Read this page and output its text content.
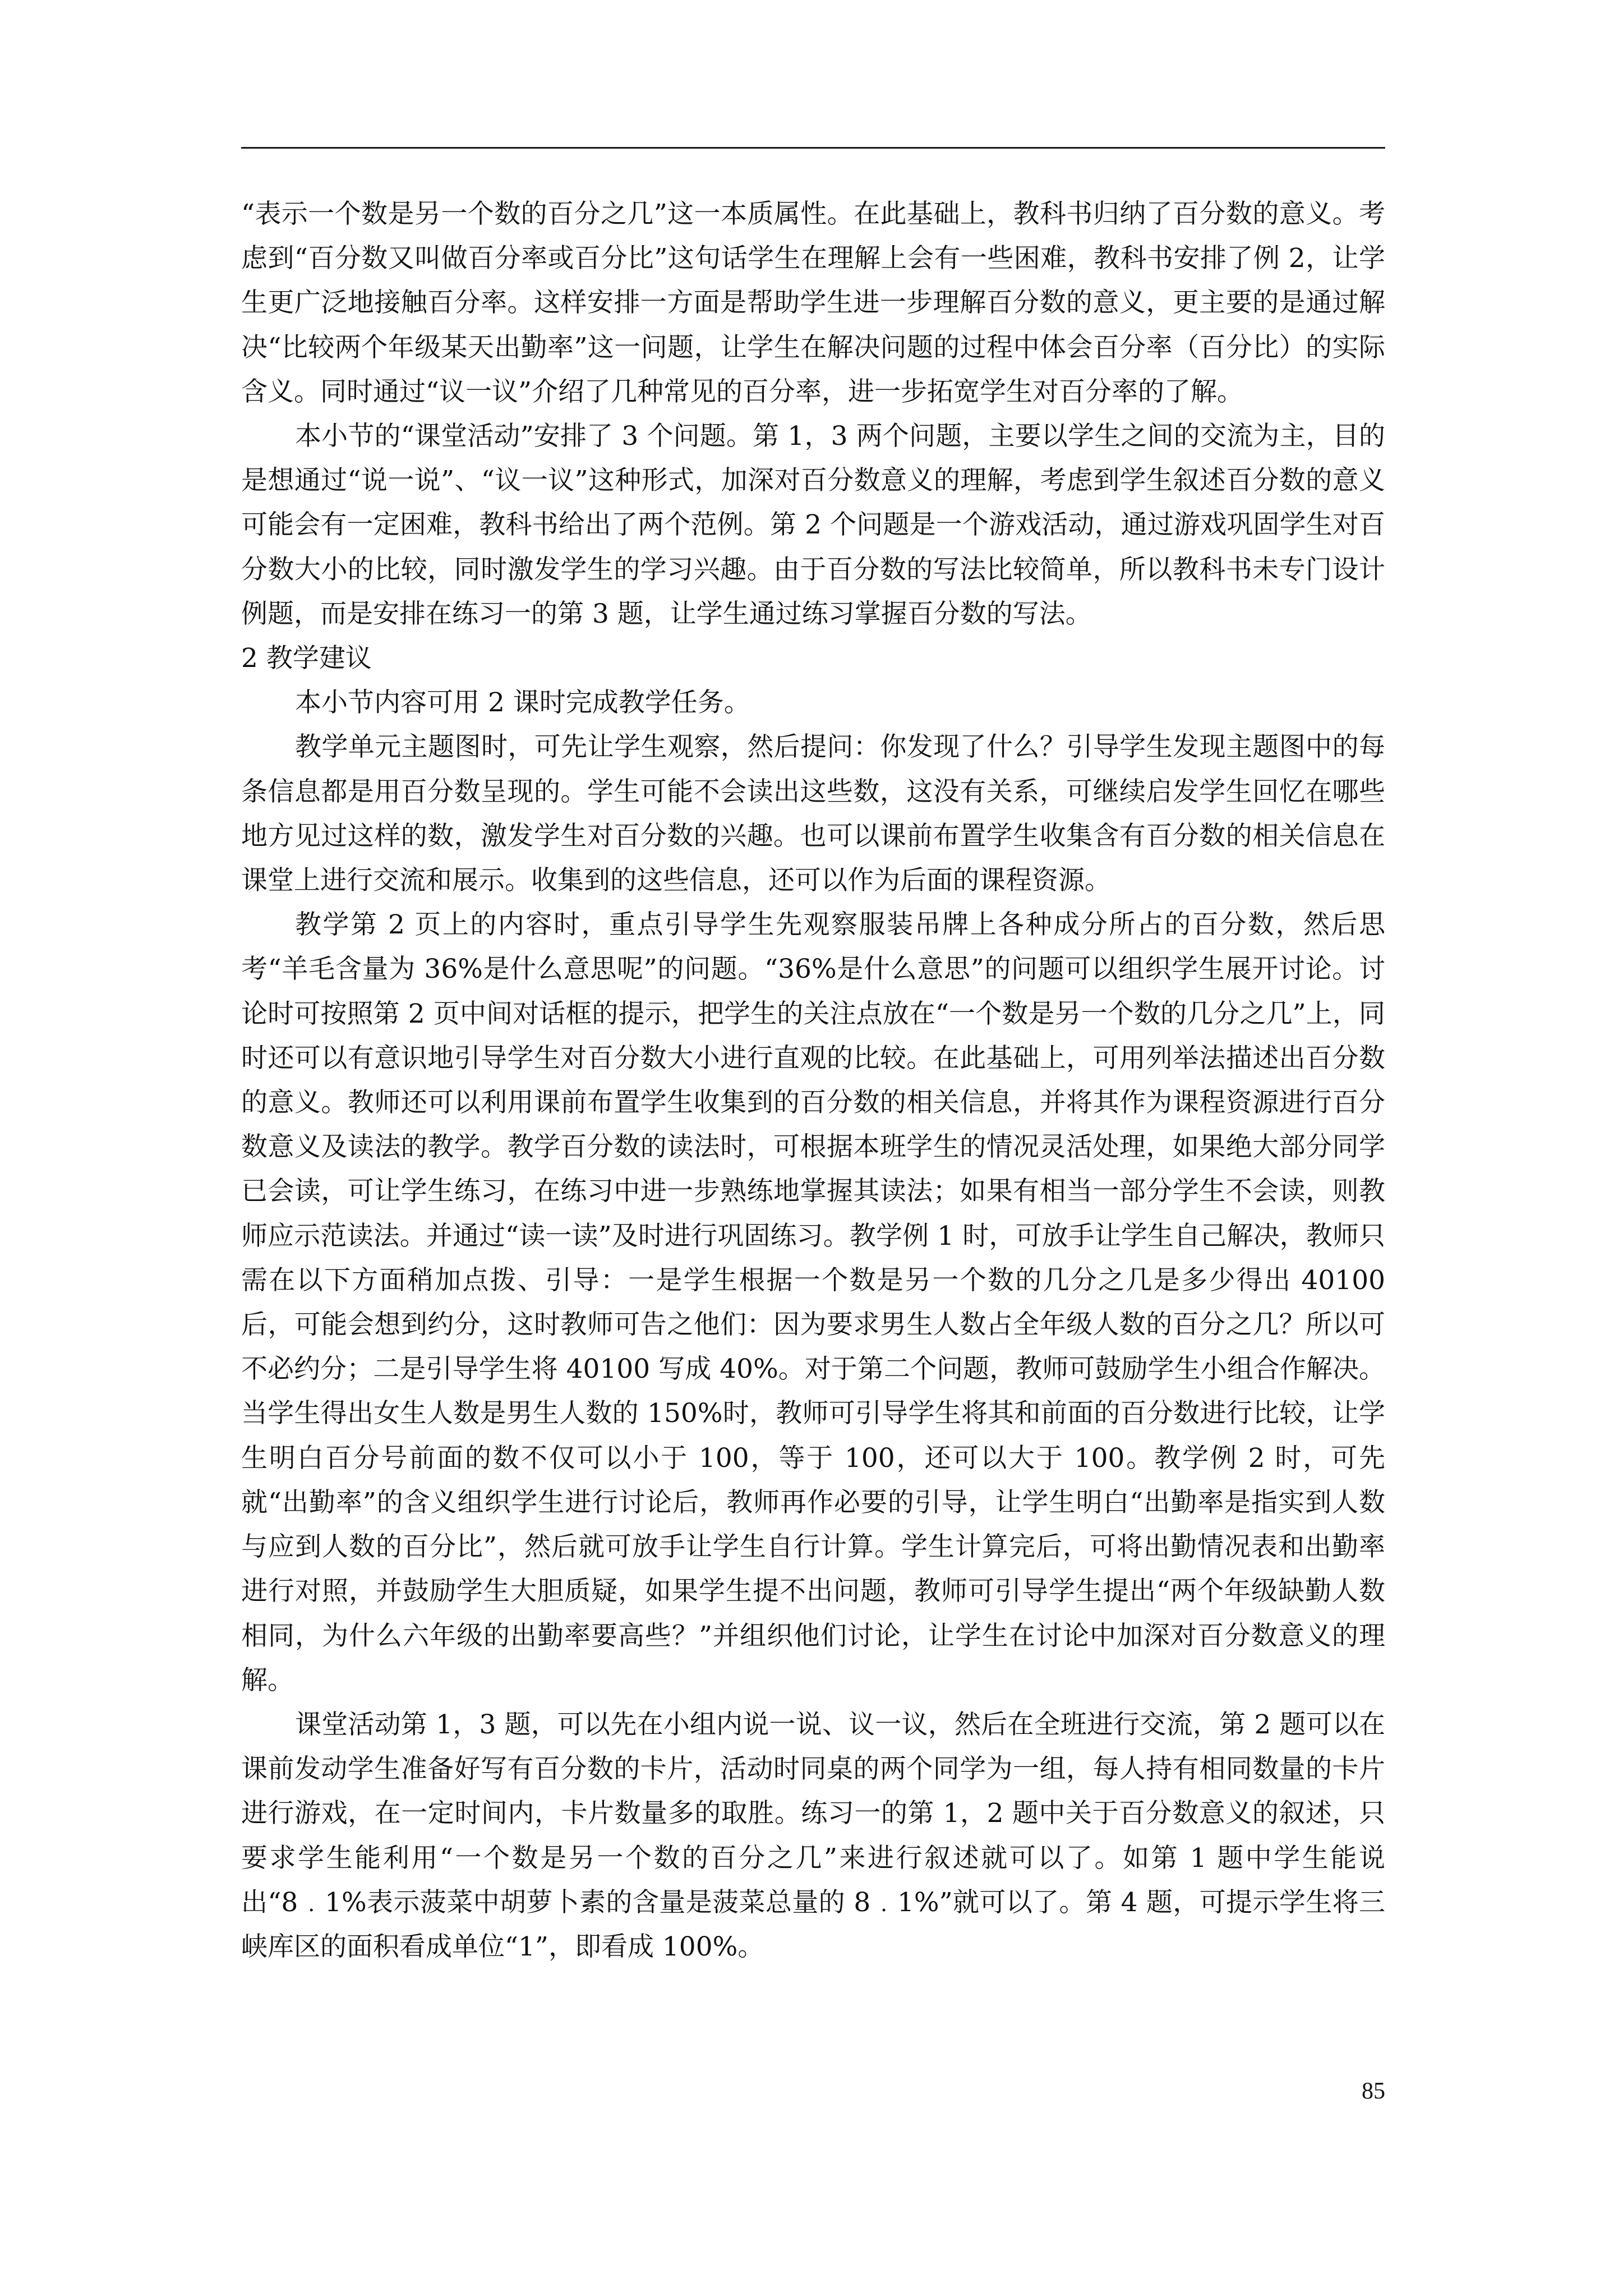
“表示一个数是另一个数的百分之几”这一本质属性。在此基础上，教科书归纳了百分数的意义。考虑到“百分数又叫做百分率或百分比”这句话学生在理解上会有一些困难，教科书安排了例 2，让学生更广泛地接触百分率。这样安排一方面是帮助学生进一步理解百分数的意义，更主要的是通过解决“比较两个年级某天出勤率”这一问题，让学生在解决问题的过程中体会百分率（百分比）的实际含义。同时通过“议一议”介绍了几种常见的百分率，进一步拓宽学生对百分率的了解。

本小节的“课堂活动”安排了 3 个问题。第 1，3 两个问题，主要以学生之间的交流为主，目的是想通过“说一说”、“议一议”这种形式，加深对百分数意义的理解，考虑到学生叙述百分数的意义可能会有一定困难，教科书给出了两个范例。第 2 个问题是一个游戏活动，通过游戏巩固学生对百分数大小的比较，同时激发学生的学习兴趣。由于百分数的写法比较简单，所以教科书未专门设计例题，而是安排在练习一的第 3 题，让学生通过练习掌握百分数的写法。

2 教学建议

本小节内容可用 2 课时完成教学任务。

教学单元主题图时，可先让学生观察，然后提问：你发现了什么？引导学生发现主题图中的每条信息都是用百分数呈现的。学生可能不会读出这些数，这没有关系，可继续启发学生回忆在哪些地方见过这样的数，激发学生对百分数的兴趣。也可以课前布置学生收集含有百分数的相关信息在课堂上进行交流和展示。收集到的这些信息，还可以作为后面的课程资源。

教学第 2 页上的内容时，重点引导学生先观察服装吊牌上各种成分所占的百分数，然后思考“羊毛含量为 36%是什么意思呢”的问题。“36%是什么意思”的问题可以组织学生展开讨论。讨论时可按照第 2 页中间对话框的提示，把学生的关注点放在“一个数是另一个数的几分之几”上，同时还可以有意识地引导学生对百分数大小进行直观的比较。在此基础上，可用列举法描述出百分数的意义。教师还可以利用课前布置学生收集到的百分数的相关信息，并将其作为课程资源进行百分数意义及读法的教学。教学百分数的读法时，可根据本班学生的情况灵活处理，如果绝大部分同学已会读，可让学生练习，在练习中进一步熟练地掌握其读法；如果有相当一部分学生不会读，则教师应示范读法。并通过“读一读”及时进行巩固练习。教学例 1 时，可放手让学生自己解决，教师只需在以下方面稍加点拨、引导：一是学生根据一个数是另一个数的几分之几是多少得出 40100 后，可能会想到约分，这时教师可告之他们：因为要求男生人数占全年级人数的百分之几？所以可不必约分；二是引导学生将 40100 写成 40%。对于第二个问题，教师可鼓励学生小组合作解决。当学生得出女生人数是男生人数的 150%时，教师可引导学生将其和前面的百分数进行比较，让学生明白百分号前面的数不仅可以小于 100，等于 100，还可以大于 100。教学例 2 时，可先就“出勤率”的含义组织学生进行讨论后，教师再作必要的引导，让学生明白“出勤率是指实到人数与应到人数的百分比”，然后就可放手让学生自行计算。学生计算完后，可将出勤情况表和出勤率进行对照，并鼓励学生大胆质疑，如果学生提不出问题，教师可引导学生提出“两个年级缺勤人数相同，为什么六年级的出勤率要高些？”并组织他们讨论，让学生在讨论中加深对百分数意义的理解。

课堂活动第 1，3 题，可以先在小组内说一说、议一议，然后在全班进行交流，第 2 题可以在课前发动学生准备好写有百分数的卡片，活动时同桌的两个同学为一组，每人持有相同数量的卡片进行游戏，在一定时间内，卡片数量多的取胜。练习一的第 1，2 题中关于百分数意义的叙述，只要求学生能利用“一个数是另一个数的百分之几”来进行叙述就可以了。如第 1 题中学生能说出“8﹒1%表示菠菜中胡萝卜素的含量是菠菜总量的 8﹒1%”就可以了。第 4 题，可提示学生将三峡库区的面积看成单位“1”，即看成 100%。

85
